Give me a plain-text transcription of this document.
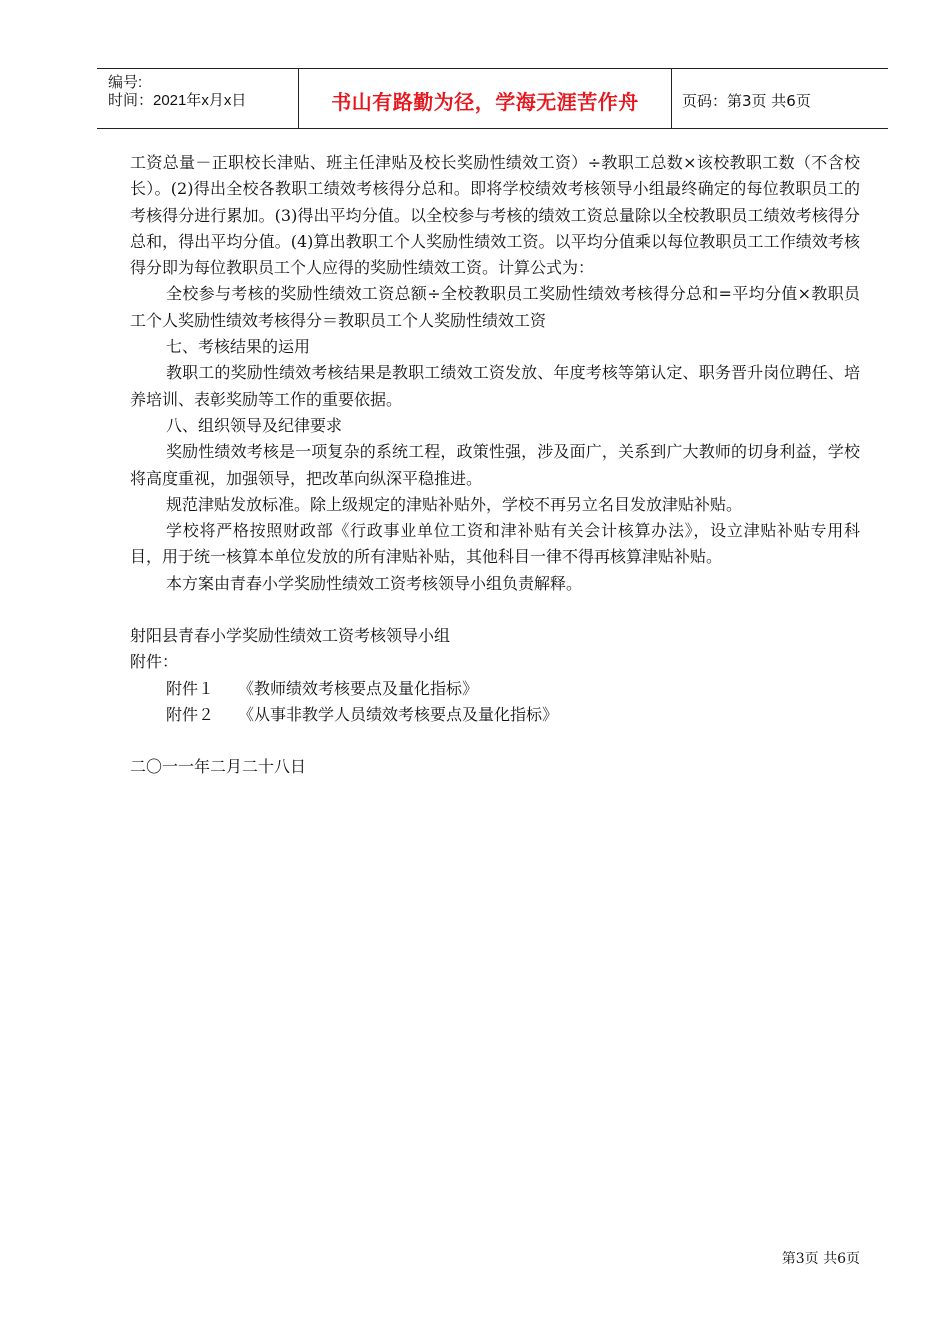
编号:
时间：2021年x月x日	书山有路勤为径，学海无涯苦作舟	页码：第3页 共6页

工资总量－正职校长津贴、班主任津贴及校长奖励性绩效工资）÷教职工总数×该校教职工数（不含校长）。(2)得出全校各教职工绩效考核得分总和。即将学校绩效考核领导小组最终确定的每位教职员工的考核得分进行累加。(3)得出平均分值。以全校参与考核的绩效工资总量除以全校教职员工绩效考核得分总和，得出平均分值。(4)算出教职工个人奖励性绩效工资。以平均分值乘以每位教职员工工作绩效考核得分即为每位教职员工个人应得的奖励性绩效工资。计算公式为：

全校参与考核的奖励性绩效工资总额÷全校教职员工奖励性绩效考核得分总和=平均分值×教职员工个人奖励性绩效考核得分＝教职员工个人奖励性绩效工资

七、考核结果的运用

教职工的奖励性绩效考核结果是教职工绩效工资发放、年度考核等第认定、职务晋升岗位聘任、培养培训、表彰奖励等工作的重要依据。

八、组织领导及纪律要求

奖励性绩效考核是一项复杂的系统工程，政策性强，涉及面广，关系到广大教师的切身利益，学校将高度重视，加强领导，把改革向纵深平稳推进。

规范津贴发放标准。除上级规定的津贴补贴外，学校不再另立名目发放津贴补贴。

学校将严格按照财政部《行政事业单位工资和津补贴有关会计核算办法》，设立津贴补贴专用科目，用于统一核算本单位发放的所有津贴补贴，其他科目一律不得再核算津贴补贴。

本方案由青春小学奖励性绩效工资考核领导小组负责解释。

射阳县青春小学奖励性绩效工资考核领导小组

附件：

附件１　　《教师绩效考核要点及量化指标》

附件２　　《从事非教学人员绩效考核要点及量化指标》

二〇一一年二月二十八日

第3页 共6页
